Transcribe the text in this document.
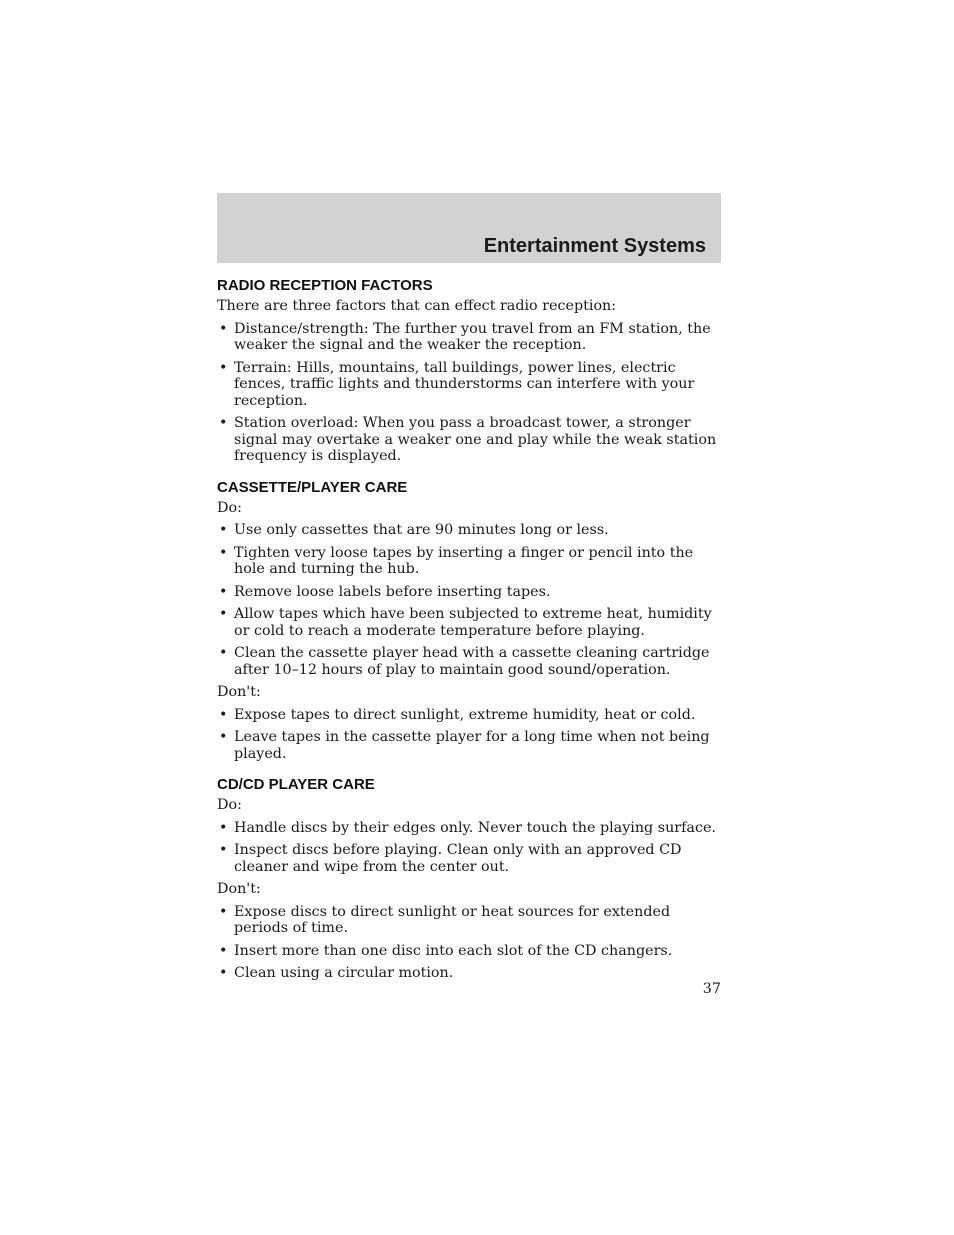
Entertainment Systems
RADIO RECEPTION FACTORS

There are three factors that can effect radio reception:

• Distance/strength: The further you travel from an FM station, the weaker the signal and the weaker the reception.
• Terrain: Hills, mountains, tall buildings, power lines, electric fences, traffic lights and thunderstorms can interfere with your reception.
• Station overload: When you pass a broadcast tower, a stronger signal may overtake a weaker one and play while the weak station frequency is displayed.
CASSETTE/PLAYER CARE

Do:

• Use only cassettes that are 90 minutes long or less.
• Tighten very loose tapes by inserting a finger or pencil into the hole and turning the hub.
• Remove loose labels before inserting tapes.
• Allow tapes which have been subjected to extreme heat, humidity or cold to reach a moderate temperature before playing.
• Clean the cassette player head with a cassette cleaning cartridge after 10–12 hours of play to maintain good sound/operation.

Don't:

• Expose tapes to direct sunlight, extreme humidity, heat or cold.
• Leave tapes in the cassette player for a long time when not being played.
CD/CD PLAYER CARE

Do:

• Handle discs by their edges only. Never touch the playing surface.
• Inspect discs before playing. Clean only with an approved CD cleaner and wipe from the center out.

Don't:

• Expose discs to direct sunlight or heat sources for extended periods of time.
• Insert more than one disc into each slot of the CD changers.
• Clean using a circular motion.
37
